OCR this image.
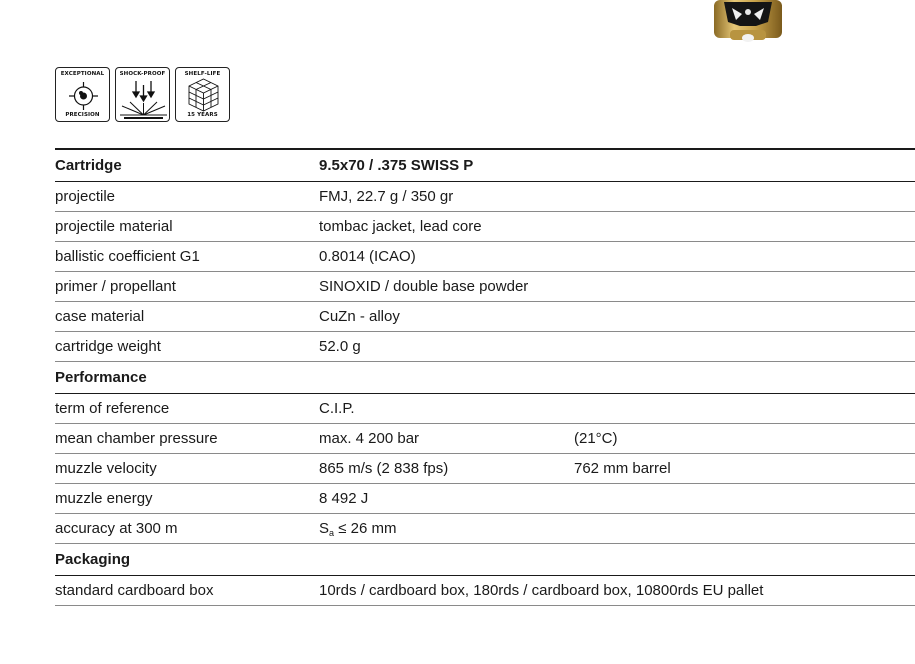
EXCEPTIONAL
PRECISION
SHOCK-PROOF	SHELF-LIFE
15 YEARS
Cartridge	9.5x70 / .375 SWISS P	
projectile	FMJ, 22.7 g / 350 gr	
projectile material	tombac jacket, lead core	
ballistic coefficient G1	0.8014 (ICAO)	
primer / propellant	SINOXID / double base powder	
case material	CuZn - alloy	
cartridge weight	52.0 g	
Performance		
term of reference	C.I.P.	
mean chamber pressure	max. 4 200 bar	(21°C)
muzzle velocity	865 m/s (2 838 fps)	762 mm barrel
muzzle energy	8 492 J	
accuracy at 300 m	$S_a \le 26$ mm	
Packaging		
standard cardboard box	10rds / cardboard box, 180rds / cardboard box, 10800rds EU pallet	
